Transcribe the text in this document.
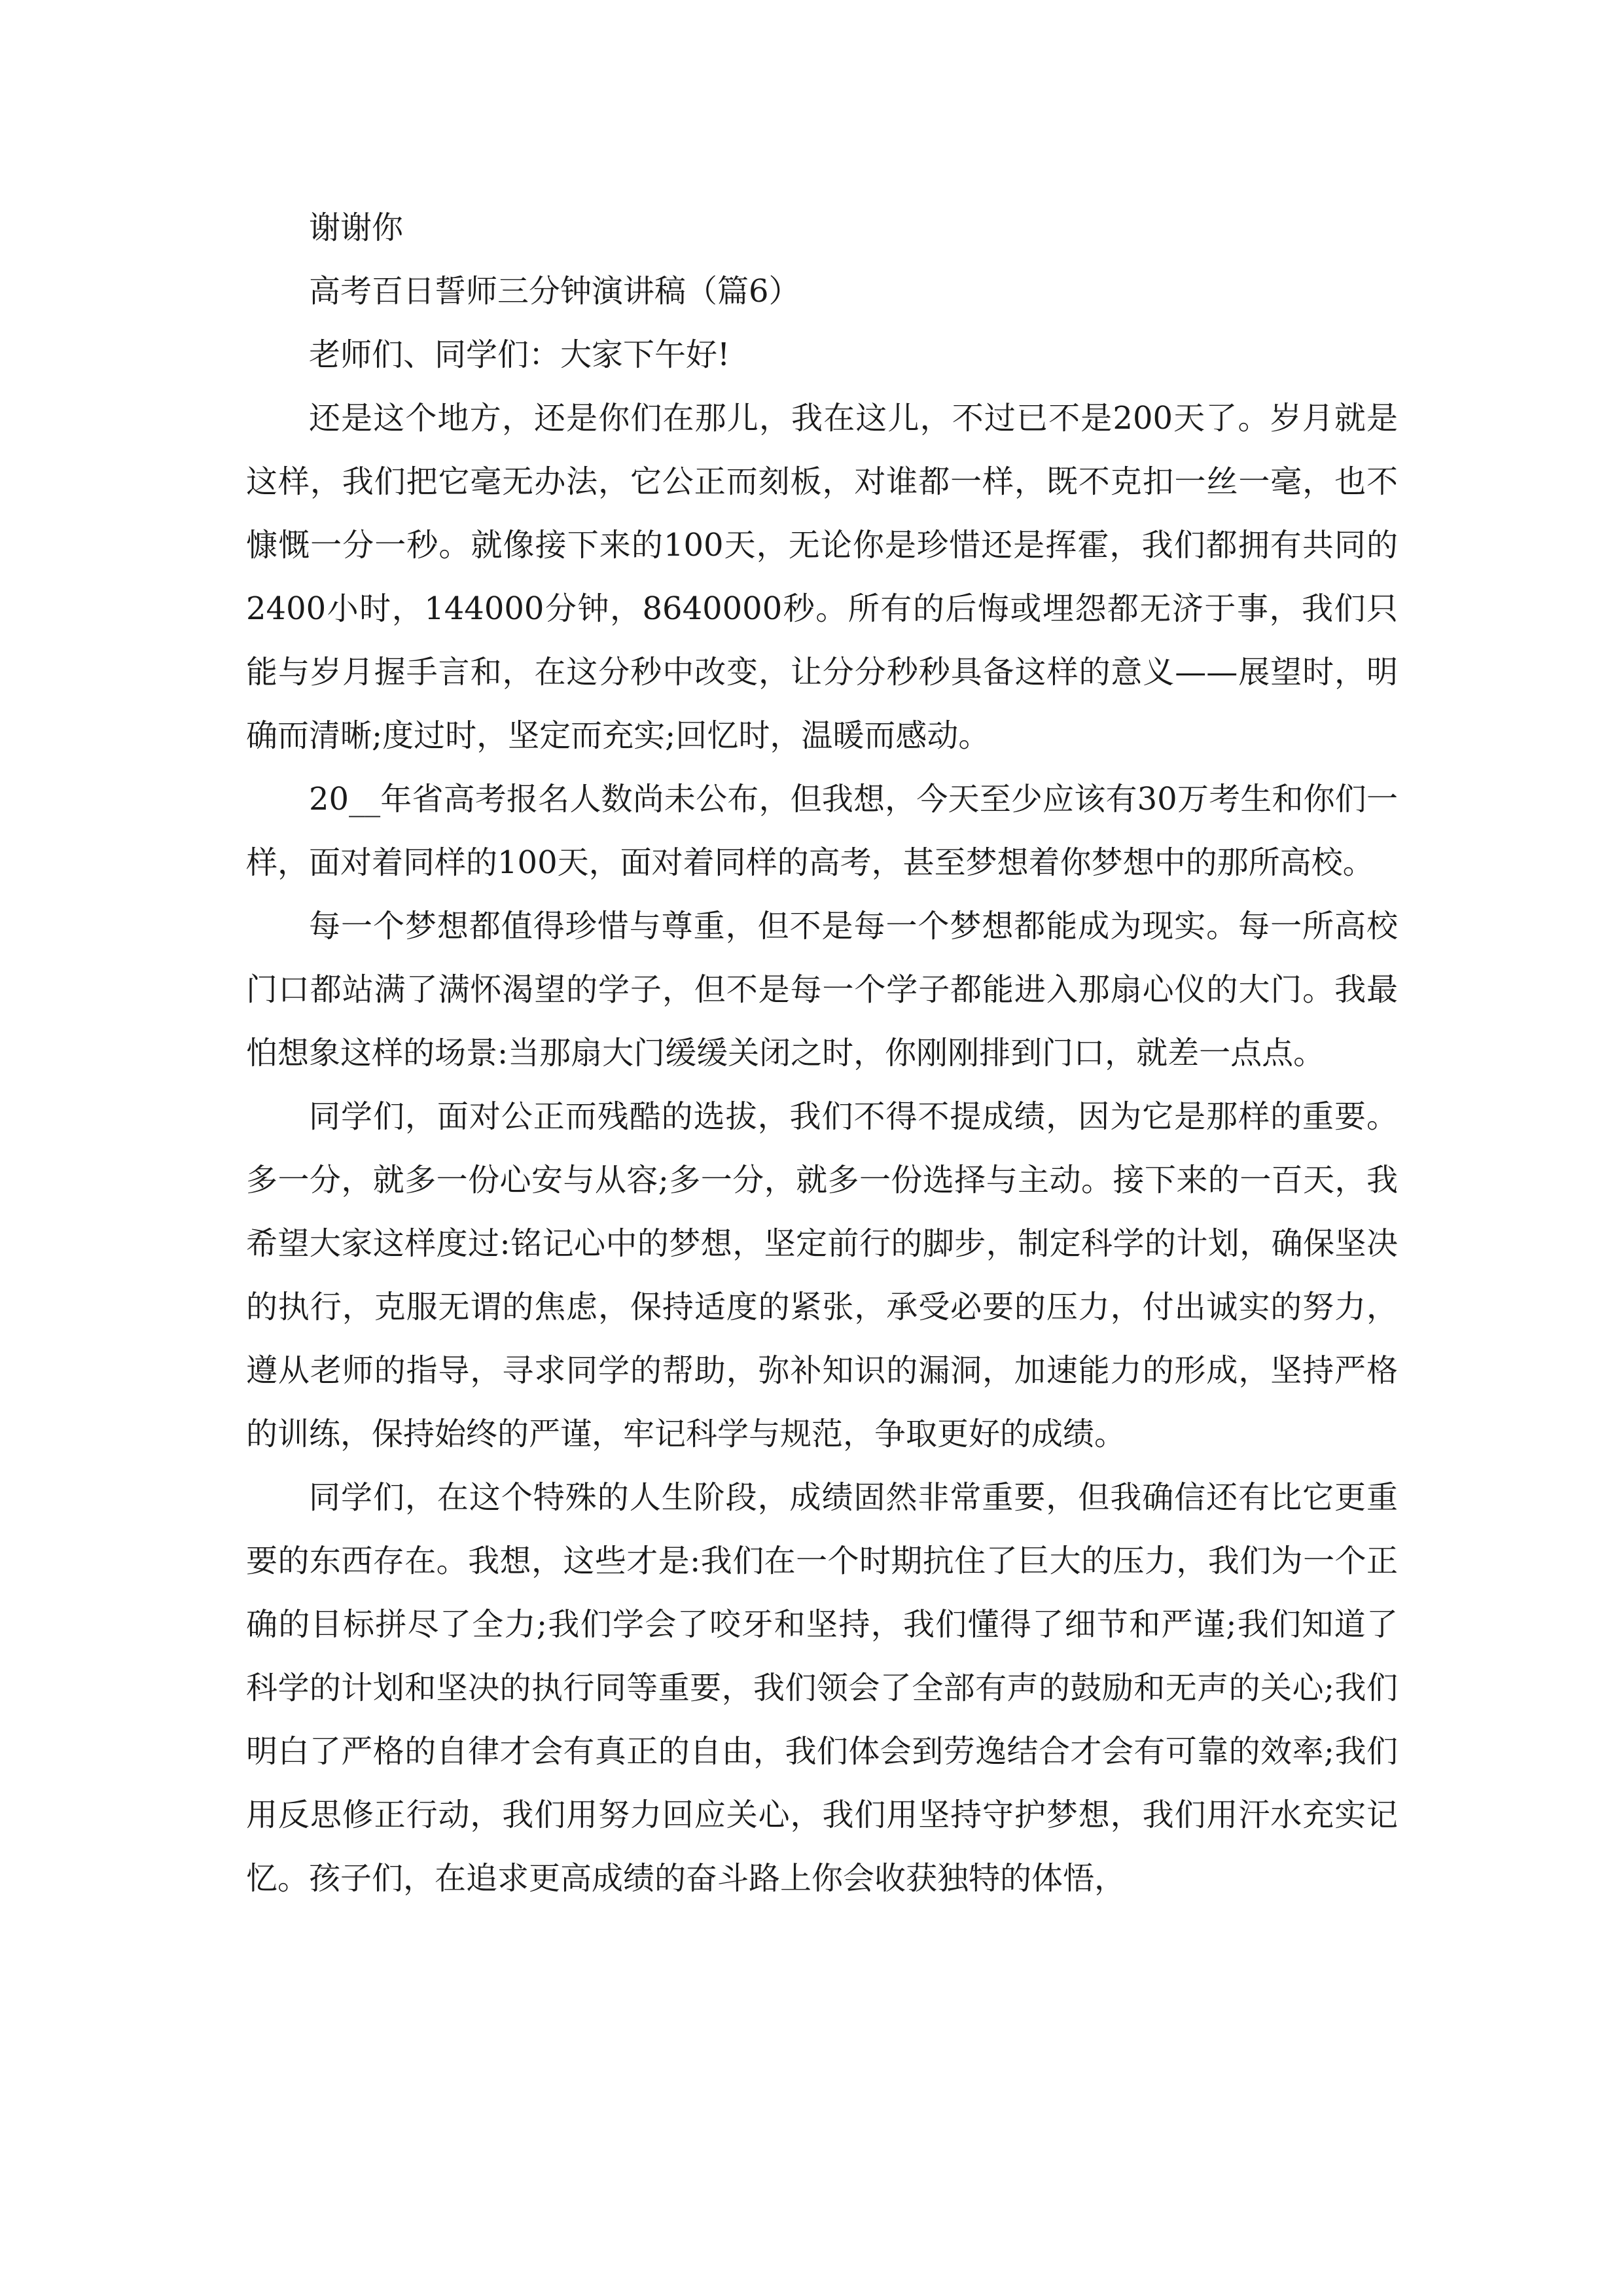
谢谢你

高考百日誓师三分钟演讲稿（篇6）

老师们、同学们：大家下午好!

还是这个地方，还是你们在那儿，我在这儿，不过已不是200天了。岁月就是这样，我们把它毫无办法，它公正而刻板，对谁都一样，既不克扣一丝一毫，也不慷慨一分一秒。就像接下来的100天，无论你是珍惜还是挥霍，我们都拥有共同的2400小时，144000分钟，8640000秒。所有的后悔或埋怨都无济于事，我们只能与岁月握手言和，在这分秒中改变，让分分秒秒具备这样的意义——展望时，明确而清晰;度过时，坚定而充实;回忆时，温暖而感动。

20__年省高考报名人数尚未公布，但我想，今天至少应该有30万考生和你们一样，面对着同样的100天，面对着同样的高考，甚至梦想着你梦想中的那所高校。

每一个梦想都值得珍惜与尊重，但不是每一个梦想都能成为现实。每一所高校门口都站满了满怀渴望的学子，但不是每一个学子都能进入那扇心仪的大门。我最怕想象这样的场景:当那扇大门缓缓关闭之时，你刚刚排到门口，就差一点点。

同学们，面对公正而残酷的选拔，我们不得不提成绩，因为它是那样的重要。多一分，就多一份心安与从容;多一分，就多一份选择与主动。接下来的一百天，我希望大家这样度过:铭记心中的梦想，坚定前行的脚步，制定科学的计划，确保坚决的执行，克服无谓的焦虑，保持适度的紧张，承受必要的压力，付出诚实的努力，遵从老师的指导，寻求同学的帮助，弥补知识的漏洞，加速能力的形成，坚持严格的训练，保持始终的严谨，牢记科学与规范，争取更好的成绩。

同学们，在这个特殊的人生阶段，成绩固然非常重要，但我确信还有比它更重要的东西存在。我想，这些才是:我们在一个时期抗住了巨大的压力，我们为一个正确的目标拼尽了全力;我们学会了咬牙和坚持，我们懂得了细节和严谨;我们知道了科学的计划和坚决的执行同等重要，我们领会了全部有声的鼓励和无声的关心;我们明白了严格的自律才会有真正的自由，我们体会到劳逸结合才会有可靠的效率;我们用反思修正行动，我们用努力回应关心，我们用坚持守护梦想，我们用汗水充实记忆。孩子们，在追求更高成绩的奋斗路上你会收获独特的体悟，
